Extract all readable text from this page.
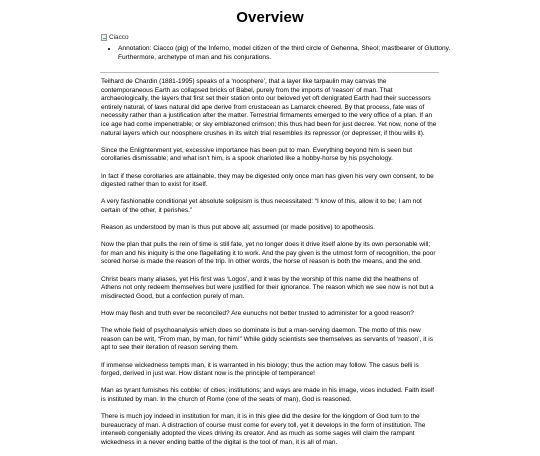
Overview
Ciacco
• Annotation: Ciacco (pig) of the Inferno, model citizen of the third circle of Gehenna, Sheol; mastbearer of Gluttony. Furthermore, archetype of man and his conjurations.

Teilhard de Chardin (1881-1995) speaks of a ‘noosphere’, that a layer like tarpaulin may canvas the contemporaneous Earth as collapsed bricks of Babel, purely from the imports of ‘reason’ of man. That archaeologically, the layers that first set their station onto our beloved yet oft denigrated Earth had their successors entirely natural, of laws natural did ape derive from crustacean as Lamarck cheered. By that process, fate was of necessity rather than a justification after the matter. Terrestrial firmaments emerged to the very office of a plan. If an ice age had come impenetrable; or sky emblazoned crimson; this thus had been for just decree. Yet now, none of the natural layers which our noosphere crushes in its witch trial resembles its repressor (or depresser, if thou wills it).

Since the Enlightenment yet, excessive importance has been put to man. Everything beyond him is seen but corollaries dismissable; and what isn’t him, is a spook charioted like a hobby-horse by his psychology.

In fact if these corollaries are attainable, they may be digested only once man has given his very own consent, to be digested rather than to exist for itself.

A very fashionable conditional yet absolute solipsism is thus necessitated: “I know of this, allow it to be; I am not certain of the other, it perishes.”

Reason as understood by man is thus put above all; assumed (or made positive) to apotheosis.

Now the plan that pulls the rein of time is still fate, yet no longer does it drive itself alone by its own personable will; for man and his iniquity is the one flagellating it to work. And the pay given is the utmost form of recognition, the poor scored horse is made the reason of the trip. In other words, the horse of reason is both the means, and the end.

Christ bears many aliases, yet His first was ‘Logos’, and it was by the worship of this name did the heathens of Athens not only redeem themselves but were justified for their ignorance. The reason which we see now is not but a misdirected Good, but a confection purely of man.

How may flesh and truth ever be reconciled? Are eunuchs not better trusted to administer for a good reason?

The whole field of psychoanalysis which does so dominate is but a man-serving daemon. The motto of this new reason can be writ, “From man, by man, for him!” While giddy scientists see themselves as servants of ‘reason’, it is apt to see their iteration of reason serving them.

If immense wickedness tempts man, it is warranted in his biology; thus the action may follow. The casus belli is forged, derived in just war. How distant now is the principle of temperance!

Man as tyrant furnishes his cobble: of cities; institutions; and ways are made in his image, vices included. Faith itself is instituted by man. In the church of Rome (one of the seats of man), God is reasoned.

There is much joy indeed in institution for man, it is in this glee did the desire for the kingdom of God turn to the bureaucracy of man. A distraction of course must come for every toll, yet it develops in the form of institution. The interweb congenially adopted the vices driving its creator. And as much as some sages will claim the rampant wickedness in a never ending battle of the digital is the tool of man, it is all of man.
